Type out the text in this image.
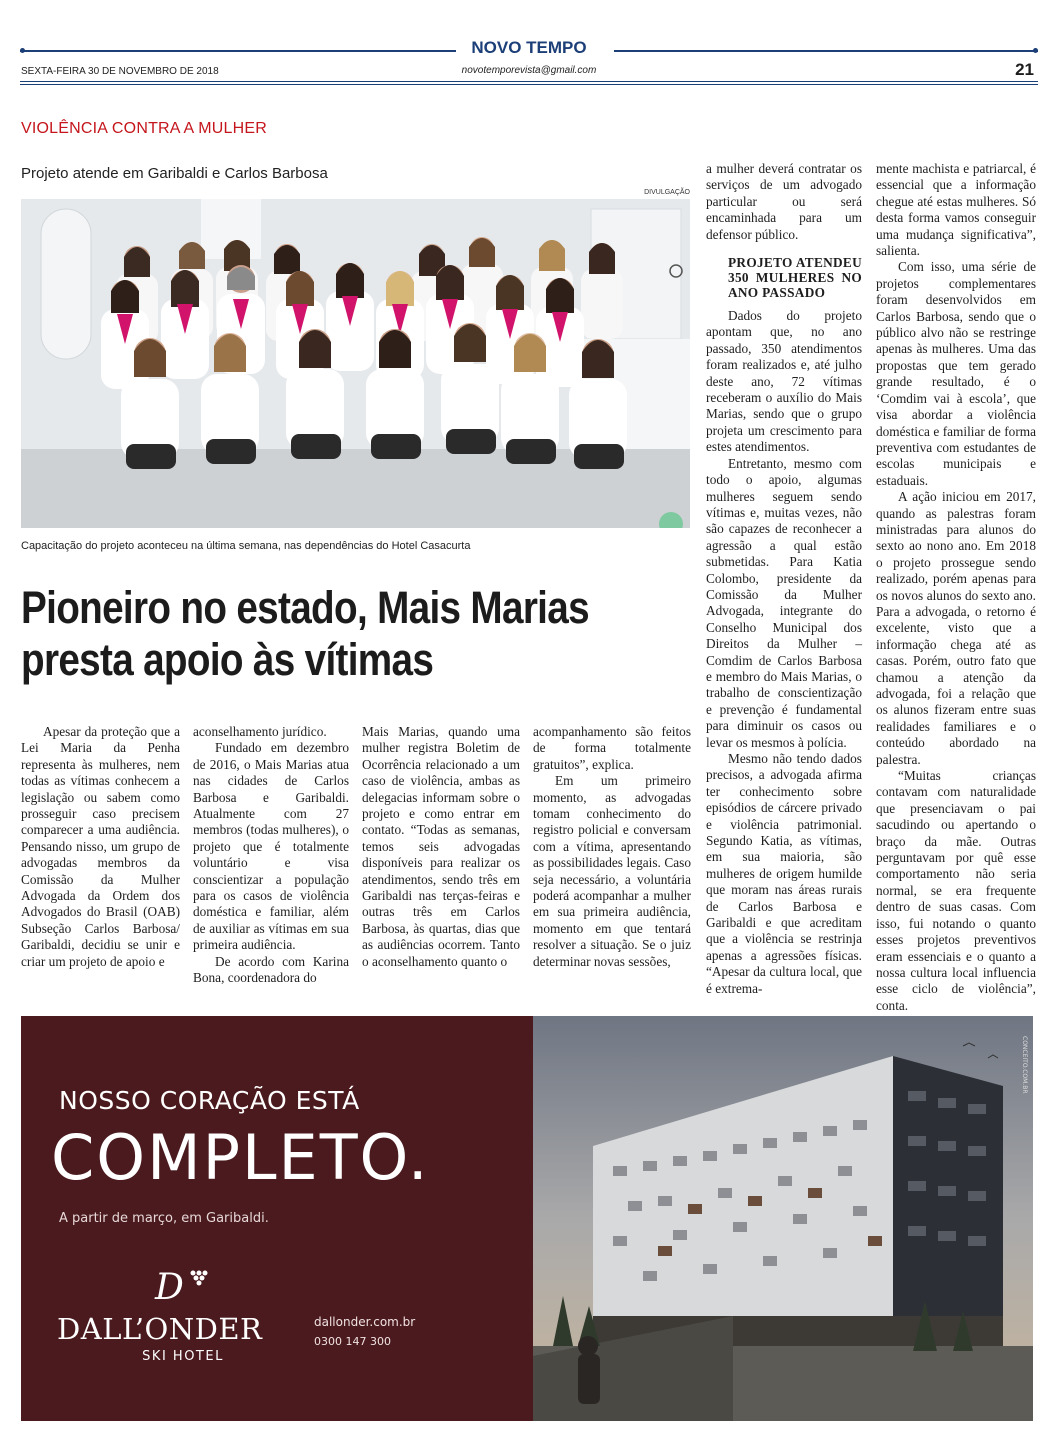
NOVO TEMPO
SEXTA-FEIRA 30 DE NOVEMBRO DE 2018	novotemporevista@gmail.com	21
VIOLÊNCIA CONTRA A MULHER
Projeto atende em Garibaldi e Carlos Barbosa
DIVULGAÇÃO
Capacitação do projeto aconteceu na última semana, nas dependências do Hotel Casacurta
Pioneiro no estado, Mais Marias presta apoio às vítimas

Apesar da proteção que a Lei Maria da Penha representa às mulheres, nem todas as vítimas conhecem a legislação ou sabem como prosseguir caso precisem comparecer a uma audiência. Pensando nisso, um grupo de advogadas membros da Comissão da Mulher Advogada da Ordem dos Advogados do Brasil (OAB) Subseção Carlos Barbosa/ Garibaldi, decidiu se unir e criar um projeto de apoio e

aconselhamento jurídico.

Fundado em dezembro de 2016, o Mais Marias atua nas cidades de Carlos Barbosa e Garibaldi. Atualmente com 27 membros (todas mulheres), o projeto que é totalmente voluntário e visa conscientizar a população para os casos de violência doméstica e familiar, além de auxiliar as vítimas em sua primeira audiência.

De acordo com Karina Bona, coordenadora do

Mais Marias, quando uma mulher registra Boletim de Ocorrência relacionado a um caso de violência, ambas as delegacias informam sobre o projeto e como entrar em contato. “Todas as semanas, temos seis advogadas disponíveis para realizar os atendimentos, sendo três em Garibaldi nas terças-feiras e outras três em Carlos Barbosa, às quartas, dias que as audiências ocorrem. Tanto o aconselhamento quanto o

acompanhamento são feitos de forma totalmente gratuitos”, explica.

Em um primeiro momento, as advogadas tomam conhecimento do registro policial e conversam com a vítima, apresentando as possibilidades legais. Caso seja necessário, a voluntária poderá acompanhar a mulher em sua primeira audiência, momento em que tentará resolver a situação. Se o juiz determinar novas sessões,

a mulher deverá contratar os serviços de um advogado particular ou será encaminhada para um defensor público.

PROJETO ATENDEU 350 MULHERES NO ANO PASSADO

Dados do projeto apontam que, no ano passado, 350 atendimentos foram realizados e, até julho deste ano, 72 vítimas receberam o auxílio do Mais Marias, sendo que o grupo projeta um crescimento para estes atendimentos.

Entretanto, mesmo com todo o apoio, algumas mulheres seguem sendo vítimas e, muitas vezes, não são capazes de reconhecer a agressão a qual estão submetidas. Para Katia Colombo, presidente da Comissão da Mulher Advogada, integrante do Conselho Municipal dos Direitos da Mulher – Comdim de Carlos Barbosa e membro do Mais Marias, o trabalho de conscientização e prevenção é fundamental para diminuir os casos ou levar os mesmos à polícia.

Mesmo não tendo dados precisos, a advogada afirma ter conhecimento sobre episódios de cárcere privado e violência patrimonial. Segundo Katia, as vítimas, em sua maioria, são mulheres de origem humilde que moram nas áreas rurais de Carlos Barbosa e Garibaldi e que acreditam que a violência se restrinja apenas a agressões físicas. “Apesar da cultura local, que é extrema-

mente machista e patriarcal, é essencial que a informação chegue até estas mulheres. Só desta forma vamos conseguir uma mudança significativa”, salienta.

Com isso, uma série de projetos complementares foram desenvolvidos em Carlos Barbosa, sendo que o público alvo não se restringe apenas às mulheres. Uma das propostas que tem gerado grande resultado, é o ‘Comdim vai à escola’, que visa abordar a violência doméstica e familiar de forma preventiva com estudantes de escolas municipais e estaduais.

A ação iniciou em 2017, quando as palestras foram ministradas para alunos do sexto ao nono ano. Em 2018 o projeto prossegue sendo realizado, porém apenas para os novos alunos do sexto ano. Para a advogada, o retorno é excelente, visto que a informação chega até as casas. Porém, outro fato que chamou a atenção da advogada, foi a relação que os alunos fizeram entre suas realidades familiares e o conteúdo abordado na palestra.

“Muitas crianças contavam com naturalidade que presenciavam o pai sacudindo ou apertando o braço da mãe. Outras perguntavam por quê esse comportamento não seria normal, se era frequente dentro de suas casas. Com isso, fui notando o quanto esses projetos preventivos eram essenciais e o quanto a nossa cultura local influencia esse ciclo de violência”, conta.

NOSSO CORAÇÃO ESTÁ
COMPLETO.
A partir de março, em Garibaldi.
D
DALL’ONDER
SKI HOTEL
dallonder.com.br
0300 147 300
CONCEITO.COM.BR
